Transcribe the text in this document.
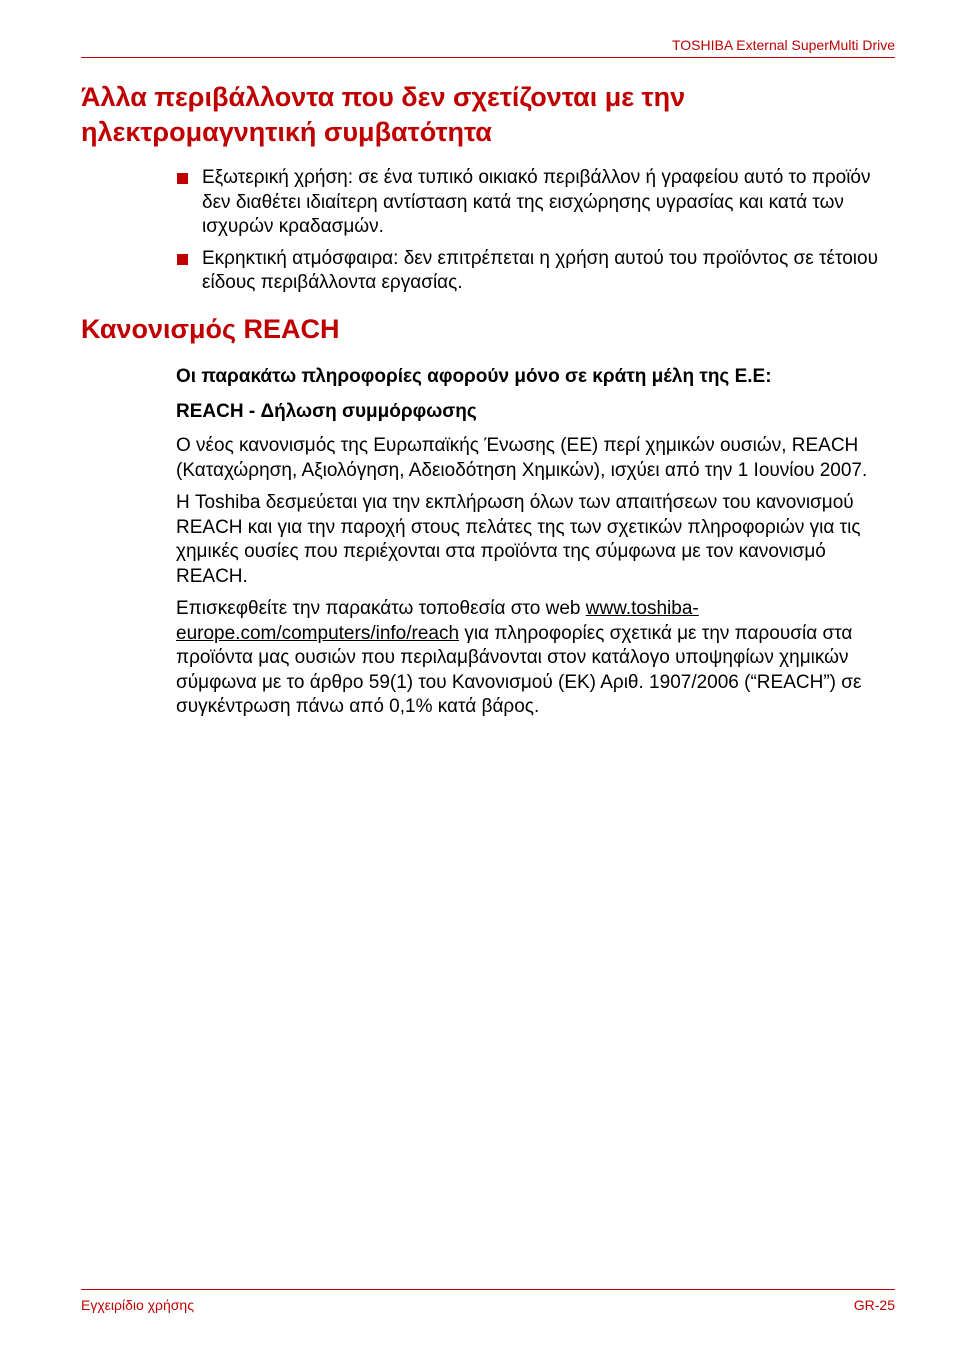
TOSHIBA External SuperMulti Drive
Άλλα περιβάλλοντα που δεν σχετίζονται με την ηλεκτρομαγνητική συμβατότητα
Εξωτερική χρήση: σε ένα τυπικό οικιακό περιβάλλον ή γραφείου αυτό το προϊόν δεν διαθέτει ιδιαίτερη αντίσταση κατά της εισχώρησης υγρασίας και κατά των ισχυρών κραδασμών.
Εκρηκτική ατμόσφαιρα: δεν επιτρέπεται η χρήση αυτού του προϊόντος σε τέτοιου είδους περιβάλλοντα εργασίας.
Κανονισμός REACH

Οι παρακάτω πληροφορίες αφορούν μόνο σε κράτη μέλη της Ε.Ε:

REACH - Δήλωση συμμόρφωσης

Ο νέος κανονισμός της Ευρωπαϊκής Ένωσης (ΕΕ) περί χημικών ουσιών, REACH (Καταχώρηση, Αξιολόγηση, Αδειοδότηση Χημικών), ισχύει από την 1 Ιουνίου 2007.

Η Toshiba δεσμεύεται για την εκπλήρωση όλων των απαιτήσεων του κανονισμού REACH και για την παροχή στους πελάτες της των σχετικών πληροφοριών για τις χημικές ουσίες που περιέχονται στα προϊόντα της σύμφωνα με τον κανονισμό REACH.

Επισκεφθείτε την παρακάτω τοποθεσία στο web www.toshiba-europe.com/computers/info/reach για πληροφορίες σχετικά με την παρουσία στα προϊόντα μας ουσιών που περιλαμβάνονται στον κατάλογο υποψηφίων χημικών σύμφωνα με το άρθρο 59(1) του Κανονισμού (ΕΚ) Αριθ. 1907/2006 (“REACH”) σε συγκέντρωση πάνω από 0,1% κατά βάρος.

Εγχειρίδιο χρήσης	GR-25
